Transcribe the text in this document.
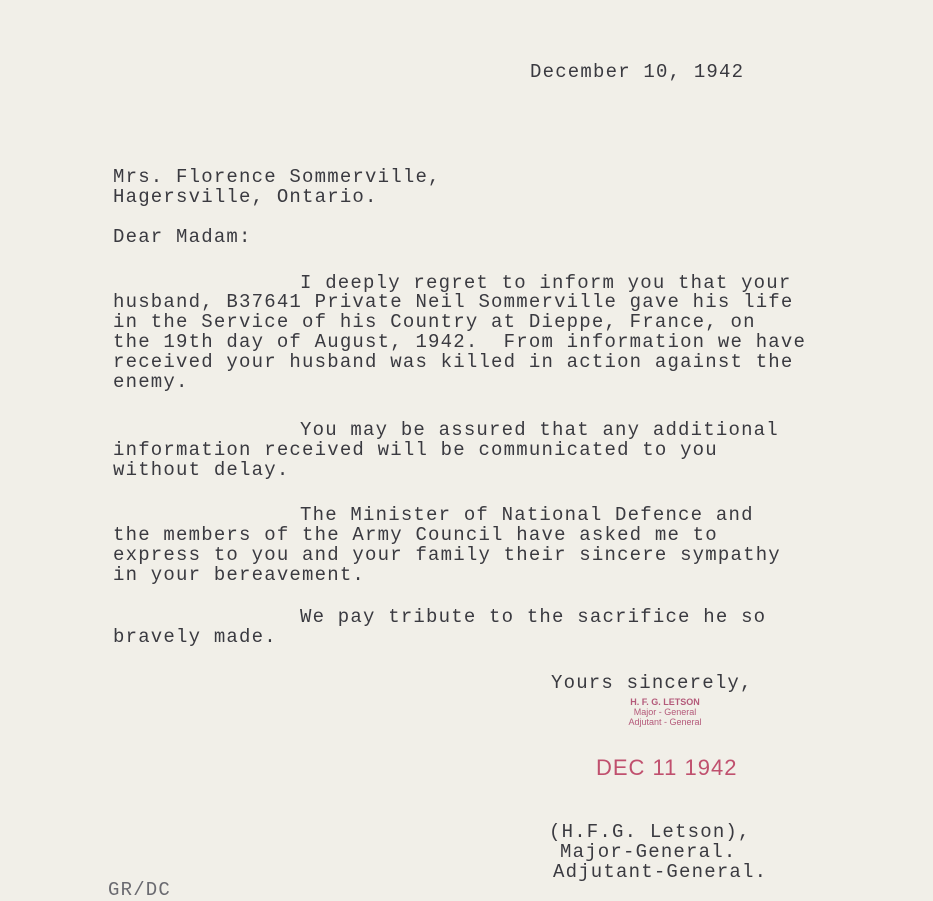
December 10, 1942
Mrs. Florence Sommerville,
Hagersville, Ontario.
Dear Madam:
I deeply regret to inform you that your
husband, B37641 Private Neil Sommerville gave his life
in the Service of his Country at Dieppe, France, on
the 19th day of August, 1942.  From information we have
received your husband was killed in action against the
enemy.
You may be assured that any additional
information received will be communicated to you
without delay.
The Minister of National Defence and
the members of the Army Council have asked me to
express to you and your family their sincere sympathy
in your bereavement.
We pay tribute to the sacrifice he so
bravely made.
Yours sincerely,
H. F. G. LETSON
Major - General
Adjutant - General
DEC 11 1942
(H.F.G. Letson),
Major-General.
Adjutant-General.
GR/DC
